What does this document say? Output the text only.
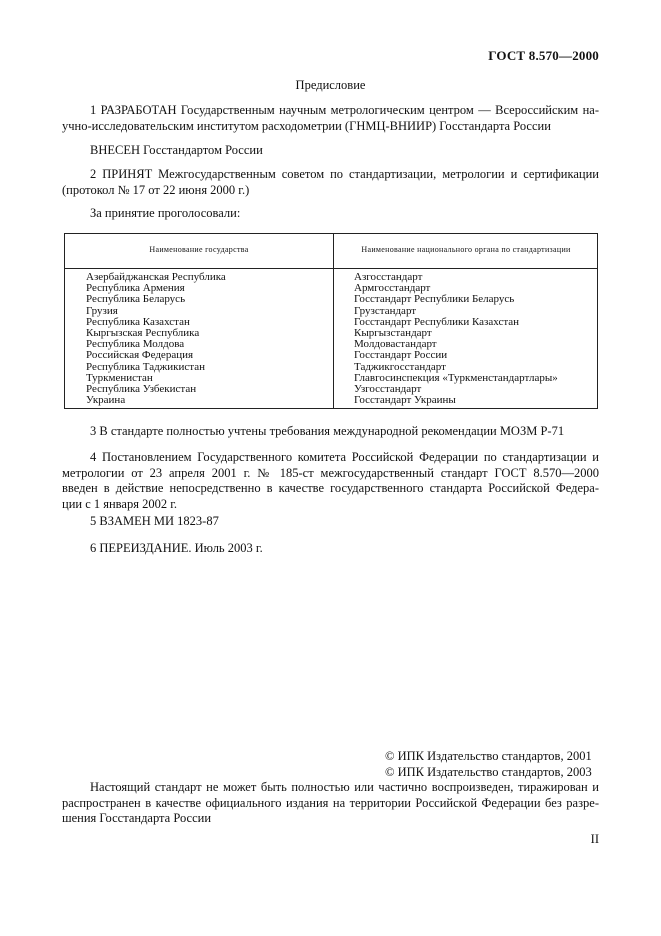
ГОСТ 8.570—2000
Предисловие
1 РАЗРАБОТАН Государственным научным метрологическим центром — Всероссийским на-
учно-исследовательским институтом расходометрии (ГНМЦ-ВНИИР) Госстандарта России
ВНЕСЕН Госстандартом России
2 ПРИНЯТ Межгосударственным советом по стандартизации, метрологии и сертификации
(протокол № 17 от 22 июня 2000 г.)
За принятие проголосовали:
Наименование государства	Наименование национального органа по стандартизации
Азербайджанская Республика
Республика Армения
Республика Беларусь
Грузия
Республика Казахстан
Кыргызская Республика
Республика Молдова
Российская Федерация
Республика Таджикистан
Туркменистан
Республика Узбекистан
Украина
Азгосстандарт
Армгосстандарт
Госстандарт Республики Беларусь
Грузстандарт
Госстандарт Республики Казахстан
Кыргызстандарт
Молдовастандарт
Госстандарт России
Таджикгосстандарт
Главгосинспекция «Туркменстандартлары»
Узгосстандарт
Госстандарт Украины
3 В стандарте полностью учтены требования международной рекомендации МОЗМ Р-71
4 Постановлением Государственного комитета Российской Федерации по стандартизации и
метрологии от 23 апреля 2001 г. № 185-ст межгосударственный стандарт ГОСТ 8.570—2000
введен в действие непосредственно в качестве государственного стандарта Российской Федера-
ции с 1 января 2002 г.
5 ВЗАМЕН МИ 1823-87
6 ПЕРЕИЗДАНИЕ. Июль 2003 г.
© ИПК Издательство стандартов, 2001
© ИПК Издательство стандартов, 2003
Настоящий стандарт не может быть полностью или частично воспроизведен, тиражирован и
распространен в качестве официального издания на территории Российской Федерации без разре-
шения Госстандарта России
II
